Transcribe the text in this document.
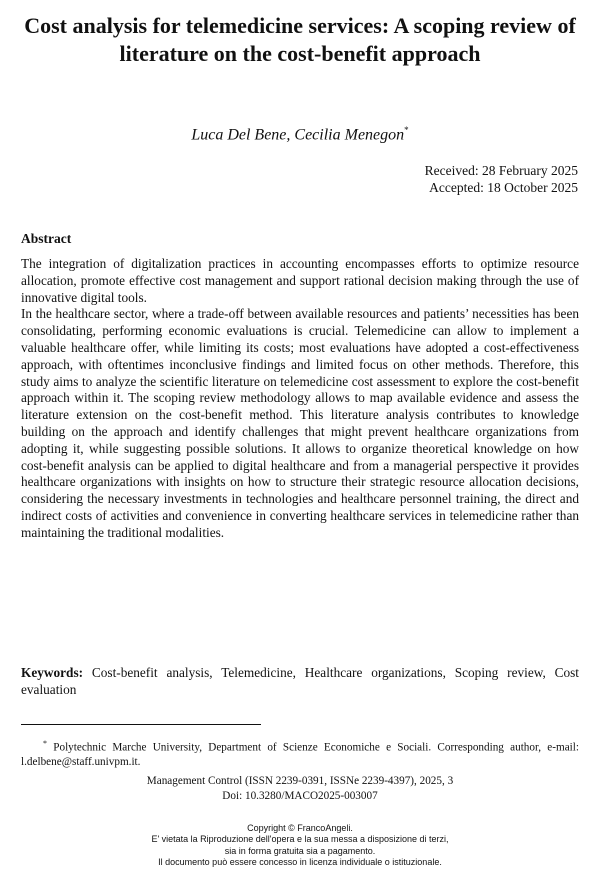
Cost analysis for telemedicine services: A scoping review of literature on the cost-benefit approach
Luca Del Bene, Cecilia Menegon*
Received: 28 February 2025
Accepted: 18 October 2025
Abstract

The integration of digitalization practices in accounting encompasses efforts to optimize resource allocation, promote effective cost management and support rational decision making through the use of innovative digital tools.

In the healthcare sector, where a trade-off between available resources and patients’ necessities has been consolidating, performing economic evaluations is crucial. Telemedicine can allow to implement a valuable healthcare offer, while limiting its costs; most evaluations have adopted a cost-effectiveness approach, with oftentimes inconclusive findings and limited focus on other methods. Therefore, this study aims to analyze the scientific literature on telemedicine cost assessment to explore the cost-benefit approach within it. The scoping review methodology allows to map available evidence and assess the literature extension on the cost-benefit method. This literature analysis contributes to knowledge building on the approach and identify challenges that might prevent healthcare organizations from adopting it, while suggesting possible solutions. It allows to organize theoretical knowledge on how cost-benefit analysis can be applied to digital healthcare and from a managerial perspective it provides healthcare organizations with insights on how to structure their strategic resource allocation decisions, considering the necessary investments in technologies and healthcare personnel training, the direct and indirect costs of activities and convenience in converting healthcare services in telemedicine rather than maintaining the traditional modalities.

Keywords: Cost-benefit analysis, Telemedicine, Healthcare organizations, Scoping review, Cost evaluation
* Polytechnic Marche University, Department of Scienze Economiche e Sociali. Corresponding author, e-mail: l.delbene@staff.univpm.it.
Management Control (ISSN 2239-0391, ISSNe 2239-4397), 2025, 3
Doi: 10.3280/MACO2025-003007
Copyright © FrancoAngeli.
E' vietata la Riproduzione dell'opera e la sua messa a disposizione di terzi,
sia in forma gratuita sia a pagamento.
Il documento può essere concesso in licenza individuale o istituzionale.
